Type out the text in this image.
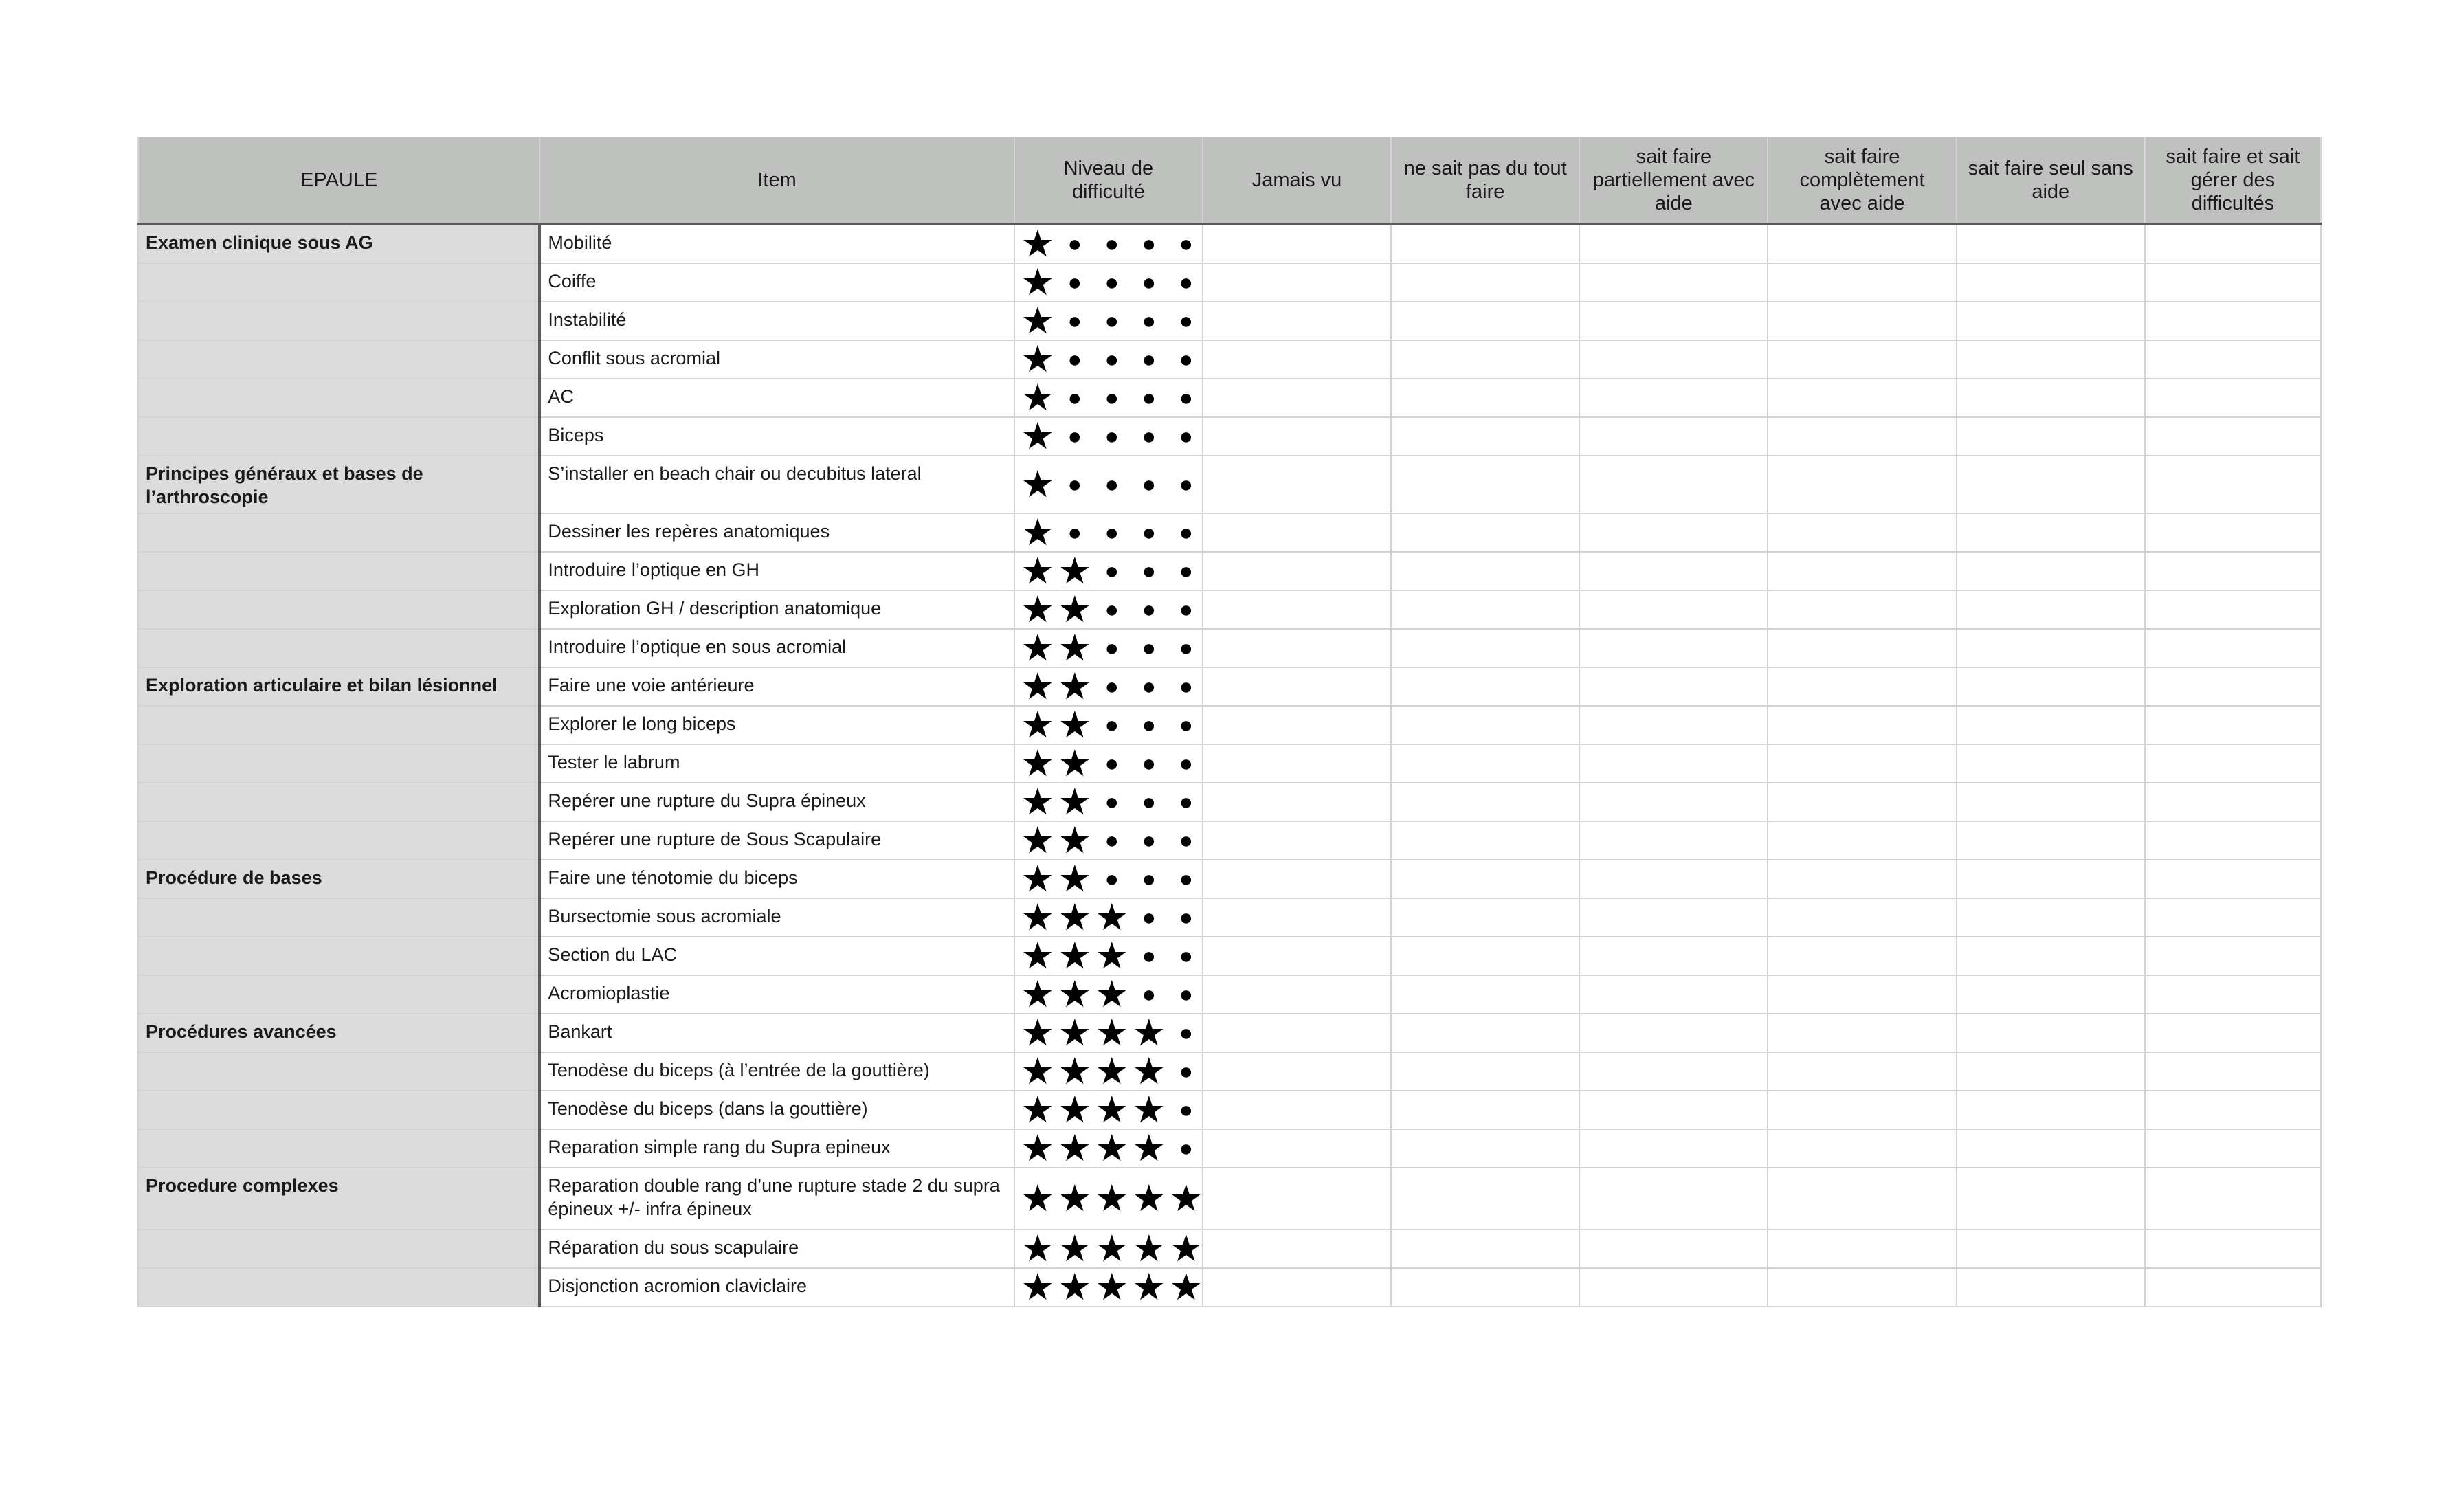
EPAULE	Item	Niveau de difficulté	Jamais vu	ne sait pas du tout faire	sait faire partiellement avec aide	sait faire complètement avec aide	sait faire seul sans aide	sait faire et sait gérer des difficultés
Examen clinique sous AG	Mobilité	★ ● ● ● ●						
	Coiffe	★ ● ● ● ●						
	Instabilité	★ ● ● ● ●						
	Conflit sous acromial	★ ● ● ● ●						
	AC	★ ● ● ● ●						
	Biceps	★ ● ● ● ●						
Principes généraux et bases de l’arthroscopie	S’installer en beach chair ou decubitus lateral	★ ● ● ● ●						
	Dessiner les repères anatomiques	★ ● ● ● ●						
	Introduire l’optique en GH	★ ★ ● ● ●						
	Exploration GH / description anatomique	★ ★ ● ● ●						
	Introduire l’optique en sous acromial	★ ★ ● ● ●						
Exploration articulaire et bilan lésionnel	Faire une voie antérieure	★ ★ ● ● ●						
	Explorer le long biceps	★ ★ ● ● ●						
	Tester le labrum	★ ★ ● ● ●						
	Repérer une rupture du Supra épineux	★ ★ ● ● ●						
	Repérer une rupture de Sous Scapulaire	★ ★ ● ● ●						
Procédure de bases	Faire une ténotomie du biceps	★ ★ ● ● ●						
	Bursectomie sous acromiale	★ ★ ★ ● ●						
	Section du LAC	★ ★ ★ ● ●						
	Acromioplastie	★ ★ ★ ● ●						
Procédures avancées	Bankart	★ ★ ★ ★ ●						
	Tenodèse du biceps (à l’entrée de la gouttière)	★ ★ ★ ★ ●						
	Tenodèse du biceps (dans la gouttière)	★ ★ ★ ★ ●						
	Reparation simple rang du Supra epineux	★ ★ ★ ★ ●						
Procedure complexes	Reparation double rang d’une rupture stade 2 du supra épineux +/- infra épineux	★ ★ ★ ★ ★						
	Réparation du sous scapulaire	★ ★ ★ ★ ★						
	Disjonction acromion claviclaire	★ ★ ★ ★ ★						
